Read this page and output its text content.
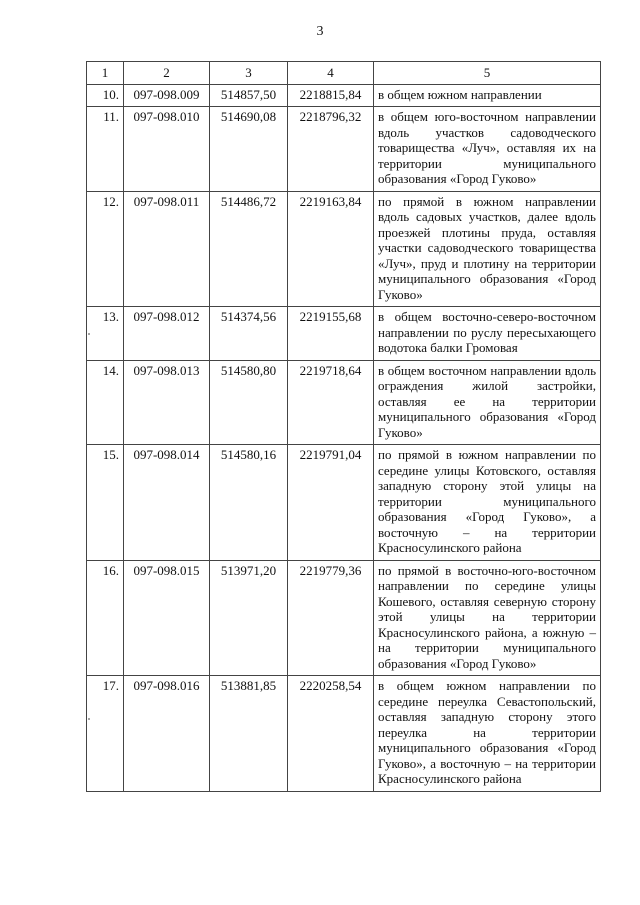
3
1	2	3	4	5
10.	097-098.009	514857,50	2218815,84	в общем южном направлении
11.	097-098.010	514690,08	2218796,32	в общем юго-восточном направлении вдоль участков садоводческого товарищества «Луч», оставляя их на территории муниципального образования «Город Гуково»
12.	097-098.011	514486,72	2219163,84	по прямой в южном направлении вдоль садовых участков, далее вдоль проезжей плотины пруда, оставляя участки садоводческого товарищества «Луч», пруд и плотину на территории муниципального образования «Город Гуково»
13.	097-098.012	514374,56	2219155,68	в общем восточно-северо-восточном направлении по руслу пересыхающего водотока балки Громовая
14.	097-098.013	514580,80	2219718,64	в общем восточном направлении вдоль ограждения жилой застройки, оставляя ее на территории муниципального образования «Город Гуково»
15.	097-098.014	514580,16	2219791,04	по прямой в южном направлении по середине улицы Котовского, оставляя западную сторону этой улицы на территории муниципального образования «Город Гуково», а восточную – на территории Красносулинского района
16.	097-098.015	513971,20	2219779,36	по прямой в восточно-юго-восточном направлении по середине улицы Кошевого, оставляя северную сторону этой улицы на территории Красносулинского района, а южную – на территории муниципального образования «Город Гуково»
17.	097-098.016	513881,85	2220258,54	в общем южном направлении по середине переулка Севастопольский, оставляя западную сторону этого переулка на территории муниципального образования «Город Гуково», а восточную – на территории Красносулинского района
